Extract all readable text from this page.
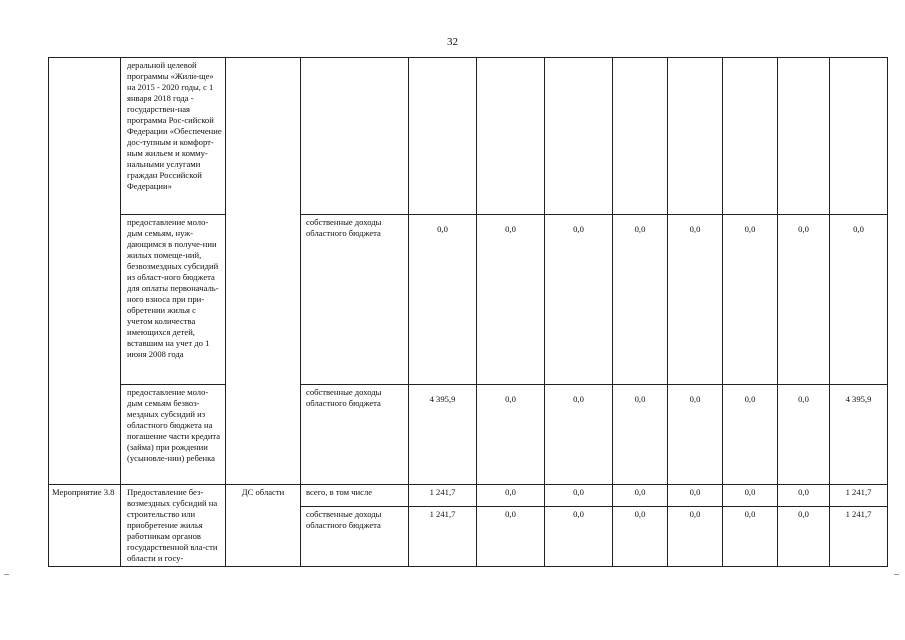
32
	деральной целевой программы «Жили-ще» на 2015 - 2020 годы, с 1 января 2018 года - государствен-ная программа Рос-сийской Федерации «Обеспечение дос-тупным и комфорт-ным жильем и комму-нальными услугами граждан Российской Федерации»										
	предоставление моло-дым семьям, нуж-дающимся в получе-нии жилых помеще-ний, безвозмездных субсидий из област-ного бюджета для оплаты первоначаль-ного взноса при при-обретении жилья с учетом количества имеющихся детей, вставшим на учет до 1 июня 2008 года		собственные доходы областного бюджета	0,0	0,0	0,0	0,0	0,0	0,0	0,0	0,0
	предоставление моло-дым семьям безвоз-мездных субсидий из областного бюджета на погашение части кредита (займа) при рождении (усыновле-нии) ребенка		собственные доходы областного бюджета	4 395,9	0,0	0,0	0,0	0,0	0,0	0,0	4 395,9
Мероприятие 3.8	Предоставление без-возмездных субсидий на строительство или приобретение жилья работникам органов государственной вла-сти области и госу-	ДС области	всего, в том числе	1 241,7	0,0	0,0	0,0	0,0	0,0	0,0	1 241,7
			собственные доходы областного бюджета	1 241,7	0,0	0,0	0,0	0,0	0,0	0,0	1 241,7
